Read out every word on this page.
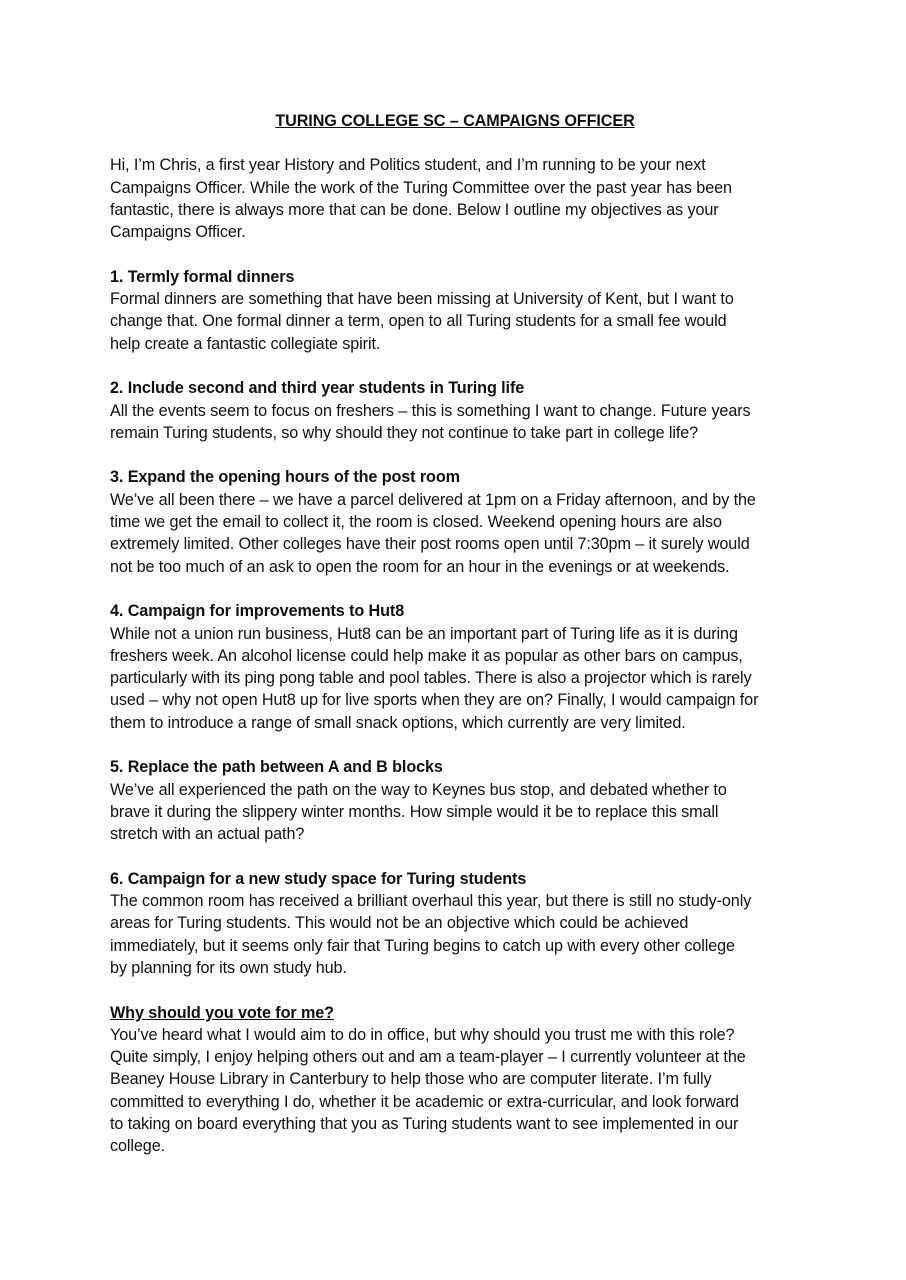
TURING COLLEGE SC – CAMPAIGNS OFFICER
Hi, I’m Chris, a first year History and Politics student, and I’m running to be your next
Campaigns Officer. While the work of the Turing Committee over the past year has been
fantastic, there is always more that can be done. Below I outline my objectives as your
Campaigns Officer.
1. Termly formal dinners
Formal dinners are something that have been missing at University of Kent, but I want to
change that. One formal dinner a term, open to all Turing students for a small fee would
help create a fantastic collegiate spirit.
2. Include second and third year students in Turing life
All the events seem to focus on freshers – this is something I want to change. Future years
remain Turing students, so why should they not continue to take part in college life?
3. Expand the opening hours of the post room
We’ve all been there – we have a parcel delivered at 1pm on a Friday afternoon, and by the
time we get the email to collect it, the room is closed. Weekend opening hours are also
extremely limited. Other colleges have their post rooms open until 7:30pm – it surely would
not be too much of an ask to open the room for an hour in the evenings or at weekends.
4. Campaign for improvements to Hut8
While not a union run business, Hut8 can be an important part of Turing life as it is during
freshers week. An alcohol license could help make it as popular as other bars on campus,
particularly with its ping pong table and pool tables. There is also a projector which is rarely
used – why not open Hut8 up for live sports when they are on? Finally, I would campaign for
them to introduce a range of small snack options, which currently are very limited.
5. Replace the path between A and B blocks
We’ve all experienced the path on the way to Keynes bus stop, and debated whether to
brave it during the slippery winter months. How simple would it be to replace this small
stretch with an actual path?
6. Campaign for a new study space for Turing students
The common room has received a brilliant overhaul this year, but there is still no study-only
areas for Turing students. This would not be an objective which could be achieved
immediately, but it seems only fair that Turing begins to catch up with every other college
by planning for its own study hub.
Why should you vote for me?
You’ve heard what I would aim to do in office, but why should you trust me with this role?
Quite simply, I enjoy helping others out and am a team-player – I currently volunteer at the
Beaney House Library in Canterbury to help those who are computer literate. I’m fully
committed to everything I do, whether it be academic or extra-curricular, and look forward
to taking on board everything that you as Turing students want to see implemented in our
college.
